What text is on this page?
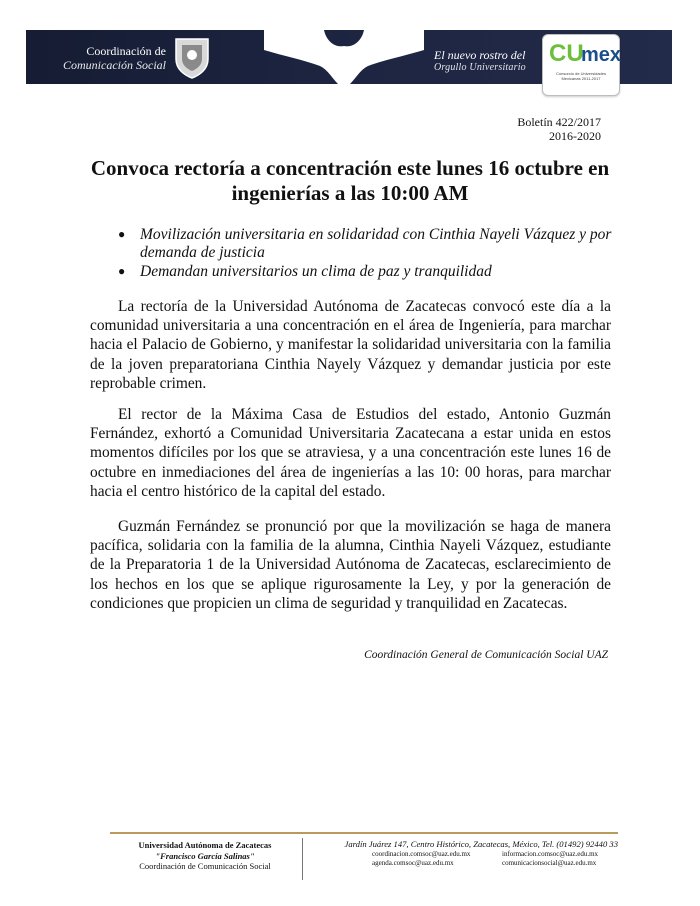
Coordinación de
Comunicación Social
El nuevo rostro del
Orgullo Universitario
CU
mex
Consorcio de Universidades Mexicanas 2011-2017
Boletín 422/2017
2016-2020
Convoca rectoría a concentración este lunes 16 octubre en ingenierías a las 10:00 AM
● Movilización universitaria en solidaridad con Cinthia Nayeli Vázquez y por demanda de justicia
● Demandan universitarios un clima de paz y tranquilidad

La rectoría de la Universidad Autónoma de Zacatecas convocó este día a la comunidad universitaria a una concentración en el área de Ingeniería, para marchar hacia el Palacio de Gobierno, y manifestar la solidaridad universitaria con la familia de la joven preparatoriana Cinthia Nayely Vázquez y demandar justicia por este reprobable crimen.

El rector de la Máxima Casa de Estudios del estado, Antonio Guzmán Fernández, exhortó a Comunidad Universitaria Zacatecana a estar unida en estos momentos difíciles por los que se atraviesa, y a una concentración este lunes 16 de octubre en inmediaciones del área de ingenierías a las 10: 00 horas, para marchar hacia el centro histórico de la capital del estado.

Guzmán Fernández se pronunció por que la movilización se haga de manera pacífica, solidaria con la familia de la alumna, Cinthia Nayeli Vázquez, estudiante de la Preparatoria 1 de la Universidad Autónoma de Zacatecas, esclarecimiento de los hechos en los que se aplique rigurosamente la Ley, y por la generación de condiciones que propicien un clima de seguridad y tranquilidad en Zacatecas.

Coordinación General de Comunicación Social UAZ
Universidad Autónoma de Zacatecas
"Francisco García Salinas"
Coordinación de Comunicación Social
Jardín Juárez 147, Centro Histórico, Zacatecas, México, Tel. (01492) 92440 33
coordinacion.comsoc@uaz.edu.mx	informacion.comsoc@uaz.edu.mx
agenda.comsoc@uaz.edu.mx	comunicacionsocial@uaz.edu.mx
